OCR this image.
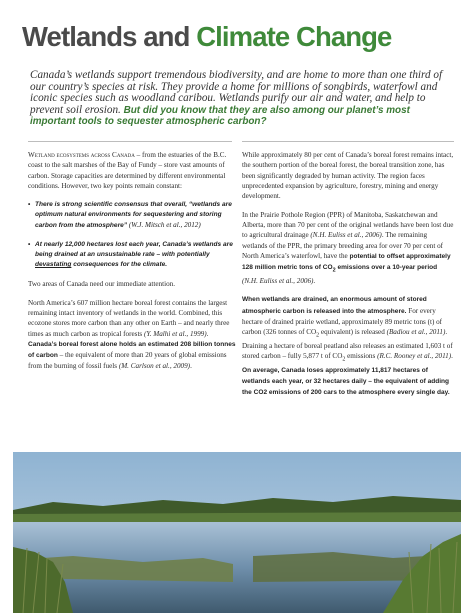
Wetlands and Climate Change
Canada’s wetlands support tremendous biodiversity, and are home to more than one third of our country’s species at risk. They provide a home for millions of songbirds, waterfowl and iconic species such as woodland caribou. Wetlands purify our air and water, and help to prevent soil erosion. But did you know that they are also among our planet’s most important tools to sequester atmospheric carbon?

Wetland ecosystems across Canada – from the estuaries of the B.C. coast to the salt marshes of the Bay of Fundy – store vast amounts of carbon. Storage capacities are determined by different environmental conditions. However, two key points remain constant:

• There is strong scientific consensus that overall, “wetlands are optimum natural environments for sequestering and storing carbon from the atmosphere” (W.J. Mitsch et al., 2012)

• At nearly 12,000 hectares lost each year, Canada’s wetlands are being drained at an unsustainable rate – with potentially devastating consequences for the climate.

Two areas of Canada need our immediate attention.

North America’s 607 million hectare boreal forest contains the largest remaining intact inventory of wetlands in the world. Combined, this ecozone stores more carbon than any other on Earth – and nearly three times as much carbon as tropical forests (Y. Malhi et al., 1999). Canada’s boreal forest alone holds an estimated 208 billion tonnes of carbon – the equivalent of more than 20 years of global emissions from the burning of fossil fuels (M. Carlson et al., 2009).

While approximately 80 per cent of Canada’s boreal forest remains intact, the southern portion of the boreal forest, the boreal transition zone, has been significantly degraded by human activity. The region faces unprecedented expansion by agriculture, forestry, mining and energy development.

In the Prairie Pothole Region (PPR) of Manitoba, Saskatchewan and Alberta, more than 70 per cent of the original wetlands have been lost due to agricultural drainage (N.H. Euliss et al., 2006). The remaining wetlands of the PPR, the primary breeding area for over 70 per cent of North America’s waterfowl, have the potential to offset approximately 128 million metric tons of $CO_2$ emissions over a 10-year period (N.H. Euliss et al., 2006).

When wetlands are drained, an enormous amount of stored atmospheric carbon is released into the atmosphere. For every hectare of drained prairie wetland, approximately 89 metric tons (t) of carbon (326 tonnes of $CO_2$ equivalent) is released (Badiou et al., 2011). Draining a hectare of boreal peatland also releases an estimated 1,603 t of stored carbon – fully 5,877 t of $CO_2$ emissions (R.C. Rooney et al., 2011). On average, Canada loses approximately 11,817 hectares of wetlands each year, or 32 hectares daily – the equivalent of adding the CO2 emissions of 200 cars to the atmosphere every single day.
